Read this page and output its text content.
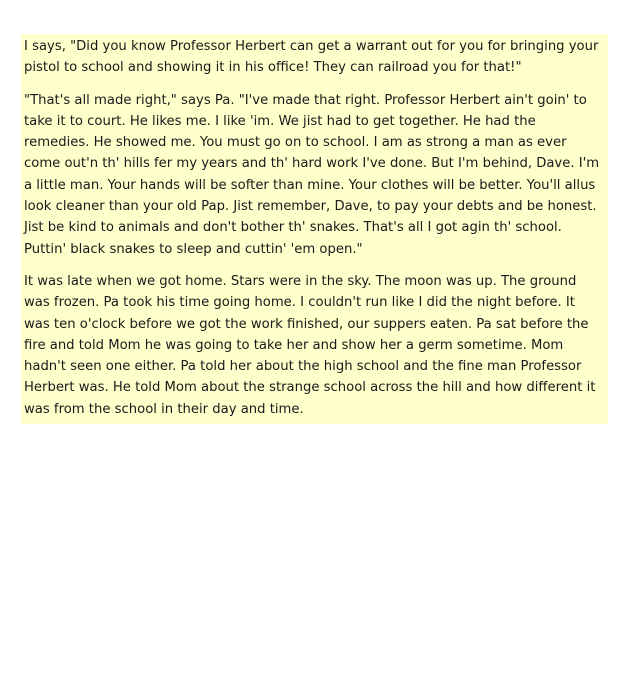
I says, "Did you know Professor Herbert can get a warrant out for you for bringing your pistol to school and showing it in his office! They can railroad you for that!"

"That's all made right," says Pa. "I've made that right. Professor Herbert ain't goin' to take it to court. He likes me. I like 'im. We jist had to get together. He had the remedies. He showed me. You must go on to school. I am as strong a man as ever come out'n th' hills fer my years and th' hard work I've done. But I'm behind, Dave. I'm a little man. Your hands will be softer than mine. Your clothes will be better. You'll allus look cleaner than your old Pap. Jist remember, Dave, to pay your debts and be honest. Jist be kind to animals and don't bother th' snakes. That's all I got agin th' school. Puttin' black snakes to sleep and cuttin' 'em open."

It was late when we got home. Stars were in the sky. The moon was up. The ground was frozen. Pa took his time going home. I couldn't run like I did the night before. It was ten o'clock before we got the work finished, our suppers eaten. Pa sat before the fire and told Mom he was going to take her and show her a germ sometime. Mom hadn't seen one either. Pa told her about the high school and the fine man Professor Herbert was. He told Mom about the strange school across the hill and how different it was from the school in their day and time.
